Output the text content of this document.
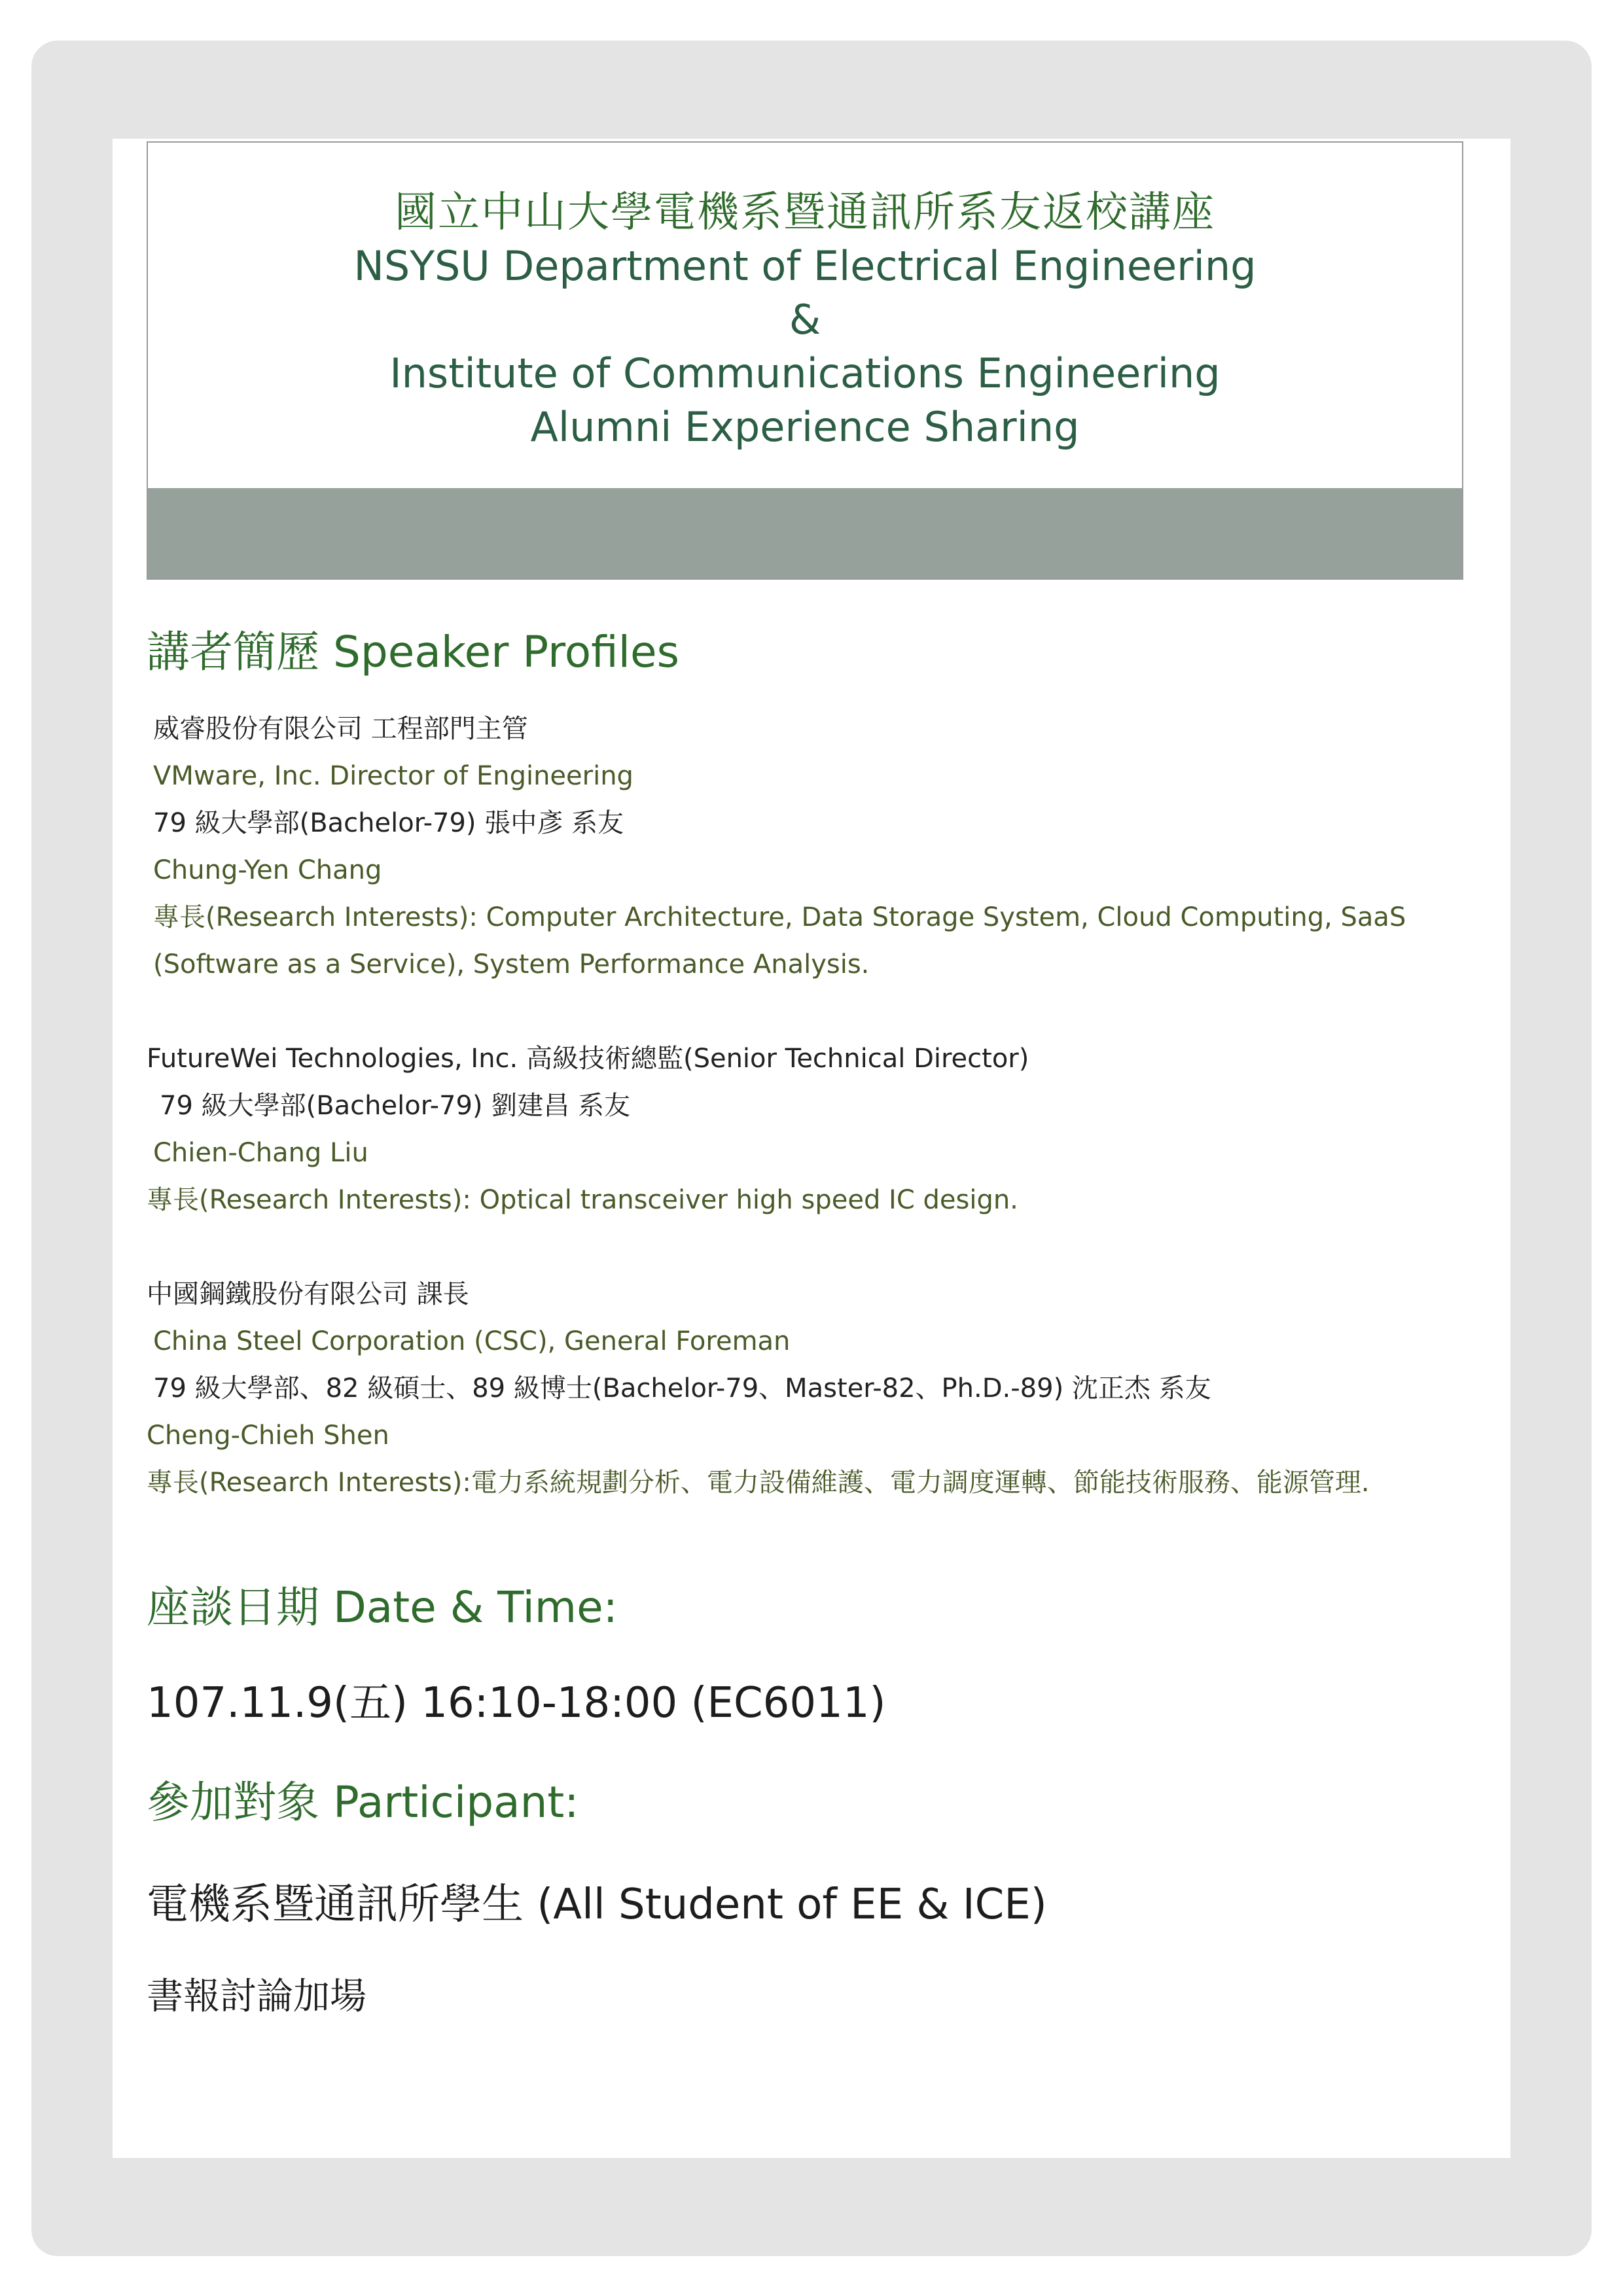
國立中山大學電機系暨通訊所系友返校講座
NSYSU Department of Electrical Engineering
&
Institute of Communications Engineering
Alumni Experience Sharing
講者簡歷 Speaker Profiles
威睿股份有限公司 工程部門主管
VMware, Inc. Director of Engineering
79 級大學部(Bachelor-79) 張中彥 系友
Chung-Yen Chang
專長(Research Interests): Computer Architecture, Data Storage System, Cloud Computing, SaaS
(Software as a Service), System Performance Analysis.
FutureWei Technologies, Inc. 高級技術總監(Senior Technical Director)
79 級大學部(Bachelor-79) 劉建昌 系友
Chien-Chang Liu
專長(Research Interests): Optical transceiver high speed IC design.
中國鋼鐵股份有限公司 課長
China Steel Corporation (CSC), General Foreman
79 級大學部、82 級碩士、89 級博士(Bachelor-79、Master-82、Ph.D.-89) 沈正杰 系友
Cheng-Chieh Shen
專長(Research Interests):電力系統規劃分析、電力設備維護、電力調度運轉、節能技術服務、能源管理.
座談日期 Date & Time:
107.11.9(五) 16:10-18:00 (EC6011)
參加對象 Participant:
電機系暨通訊所學生 (All Student of EE & ICE)
書報討論加場
